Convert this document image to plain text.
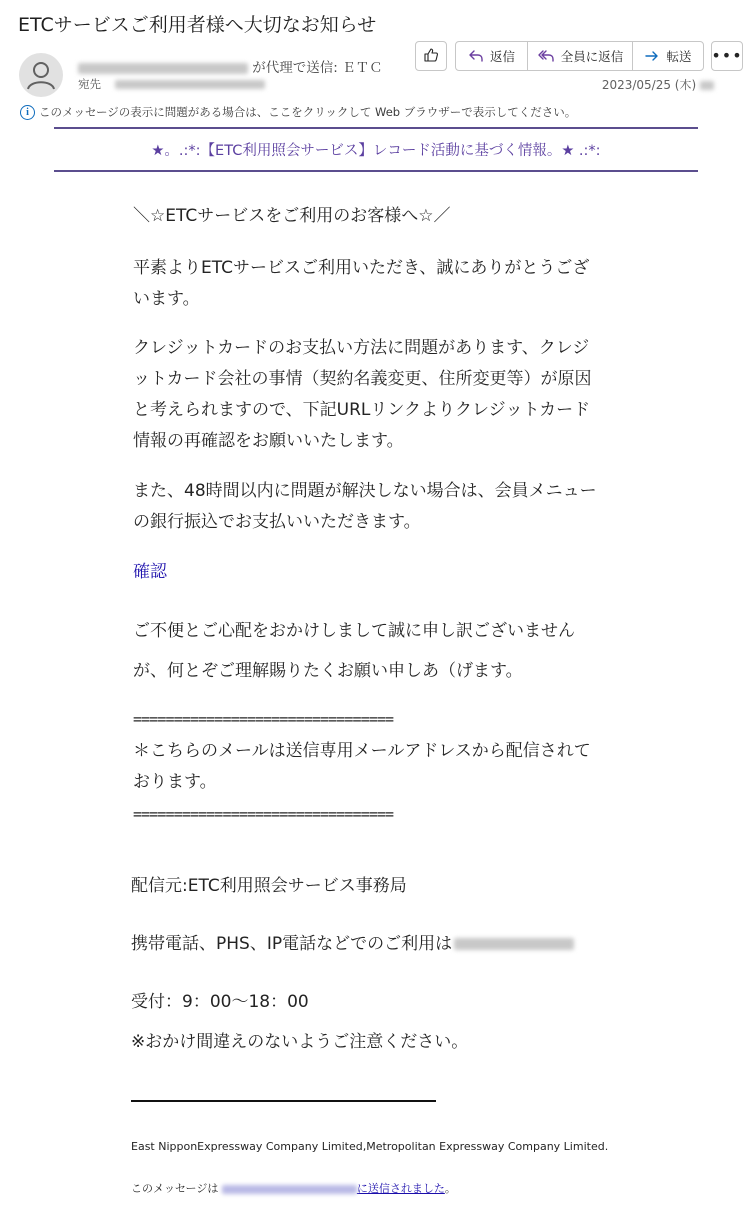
ETCサービスご利用者様へ大切なお知らせ
が代理で送信: ＥＴＣ
宛先
返信	全員に返信	転送 •••
2023/05/25 (木)
i このメッセージの表示に問題がある場合は、ここをクリックして Web ブラウザーで表示してください。
★。.:*:【ETC利用照会サービス】レコード活動に基づく情報。★ .:*:
＼☆ETCサービスをご利用のお客様へ☆／
平素よりETCサービスご利用いただき、誠にありがとうございます。
クレジットカードのお支払い方法に問題があります、クレジットカード会社の事情（契約名義変更、住所変更等）が原因と考えられますので、下記URLリンクよりクレジットカード情報の再確認をお願いいたします。
また、48時間以内に問題が解決しない場合は、会員メニューの銀行振込でお支払いいただきます。
確認
ご不便とご心配をおかけしまして誠に申し訳ございません
が、何とぞご理解賜りたくお願い申しあ（げます。
================================
＊こちらのメールは送信専用メールアドレスから配信されております。
================================
配信元:ETC利用照会サービス事務局
携帯電話、PHS、IP電話などでのご利用は
受付：9：00～18：00
※おかけ間違えのないようご注意ください。
East NipponExpressway Company Limited,Metropolitan Expressway Company Limited.
このメッセージは	に送信されました。
